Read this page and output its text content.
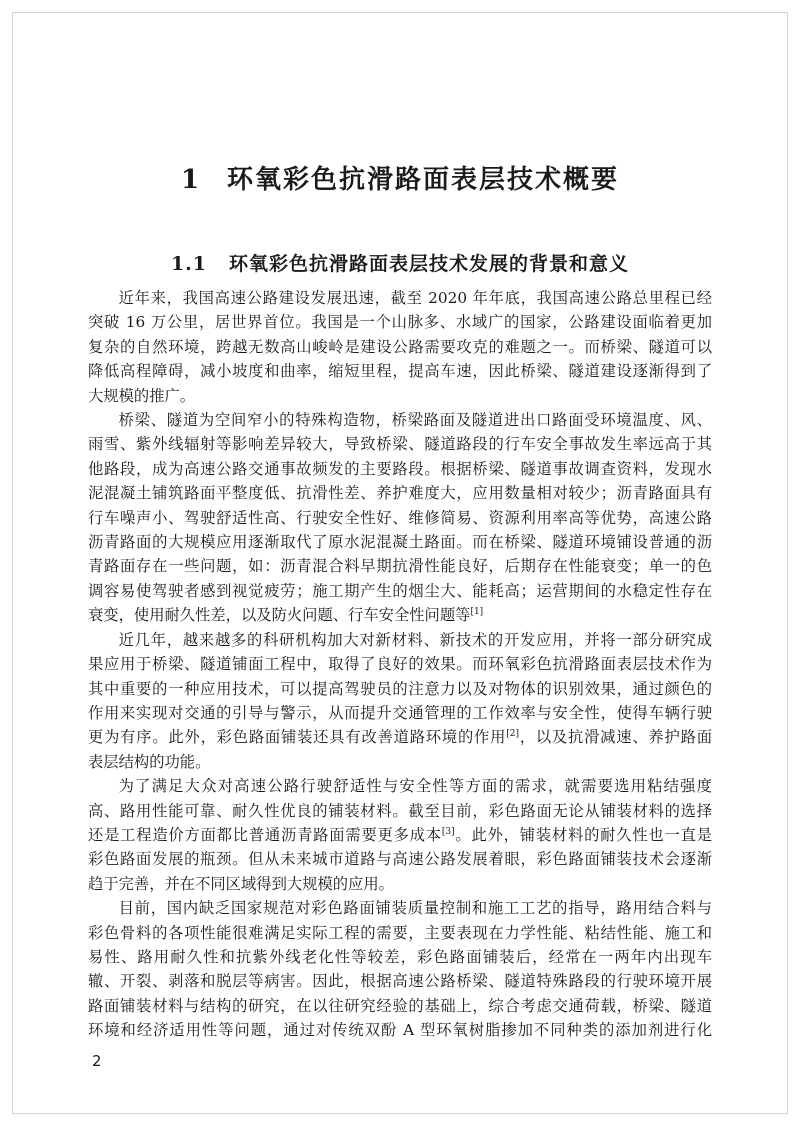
1 环氧彩色抗滑路面表层技术概要
1.1 环氧彩色抗滑路面表层技术发展的背景和意义
近年来，我国高速公路建设发展迅速，截至 2020 年年底，我国高速公路总里程已经
突破 16 万公里，居世界首位。我国是一个山脉多、水域广的国家，公路建设面临着更加
复杂的自然环境，跨越无数高山峻岭是建设公路需要攻克的难题之一。而桥梁、隧道可以
降低高程障碍，减小坡度和曲率，缩短里程，提高车速，因此桥梁、隧道建设逐渐得到了
大规模的推广。
桥梁、隧道为空间窄小的特殊构造物，桥梁路面及隧道进出口路面受环境温度、风、
雨雪、紫外线辐射等影响差异较大，导致桥梁、隧道路段的行车安全事故发生率远高于其
他路段，成为高速公路交通事故频发的主要路段。根据桥梁、隧道事故调查资料，发现水
泥混凝土铺筑路面平整度低、抗滑性差、养护难度大，应用数量相对较少；沥青路面具有
行车噪声小、驾驶舒适性高、行驶安全性好、维修简易、资源利用率高等优势，高速公路
沥青路面的大规模应用逐渐取代了原水泥混凝土路面。而在桥梁、隧道环境铺设普通的沥
青路面存在一些问题，如：沥青混合料早期抗滑性能良好，后期存在性能衰变；单一的色
调容易使驾驶者感到视觉疲劳；施工期产生的烟尘大、能耗高；运营期间的水稳定性存在
衰变，使用耐久性差，以及防火问题、行车安全性问题等[1]
近几年，越来越多的科研机构加大对新材料、新技术的开发应用，并将一部分研究成
果应用于桥梁、隧道铺面工程中，取得了良好的效果。而环氧彩色抗滑路面表层技术作为
其中重要的一种应用技术，可以提高驾驶员的注意力以及对物体的识别效果，通过颜色的
作用来实现对交通的引导与警示，从而提升交通管理的工作效率与安全性，使得车辆行驶
更为有序。此外，彩色路面铺装还具有改善道路环境的作用[2]，以及抗滑减速、养护路面
表层结构的功能。
为了满足大众对高速公路行驶舒适性与安全性等方面的需求，就需要选用粘结强度
高、路用性能可靠、耐久性优良的铺装材料。截至目前，彩色路面无论从铺装材料的选择
还是工程造价方面都比普通沥青路面需要更多成本[3]。此外，铺装材料的耐久性也一直是
彩色路面发展的瓶颈。但从未来城市道路与高速公路发展着眼，彩色路面铺装技术会逐渐
趋于完善，并在不同区域得到大规模的应用。
目前，国内缺乏国家规范对彩色路面铺装质量控制和施工工艺的指导，路用结合料与
彩色骨料的各项性能很难满足实际工程的需要，主要表现在力学性能、粘结性能、施工和
易性、路用耐久性和抗紫外线老化性等较差，彩色路面铺装后，经常在一两年内出现车
辙、开裂、剥落和脱层等病害。因此，根据高速公路桥梁、隧道特殊路段的行驶环境开展
路面铺装材料与结构的研究，在以往研究经验的基础上，综合考虑交通荷载，桥梁、隧道
环境和经济适用性等问题，通过对传统双酚 A 型环氧树脂掺加不同种类的添加剂进行化
2
